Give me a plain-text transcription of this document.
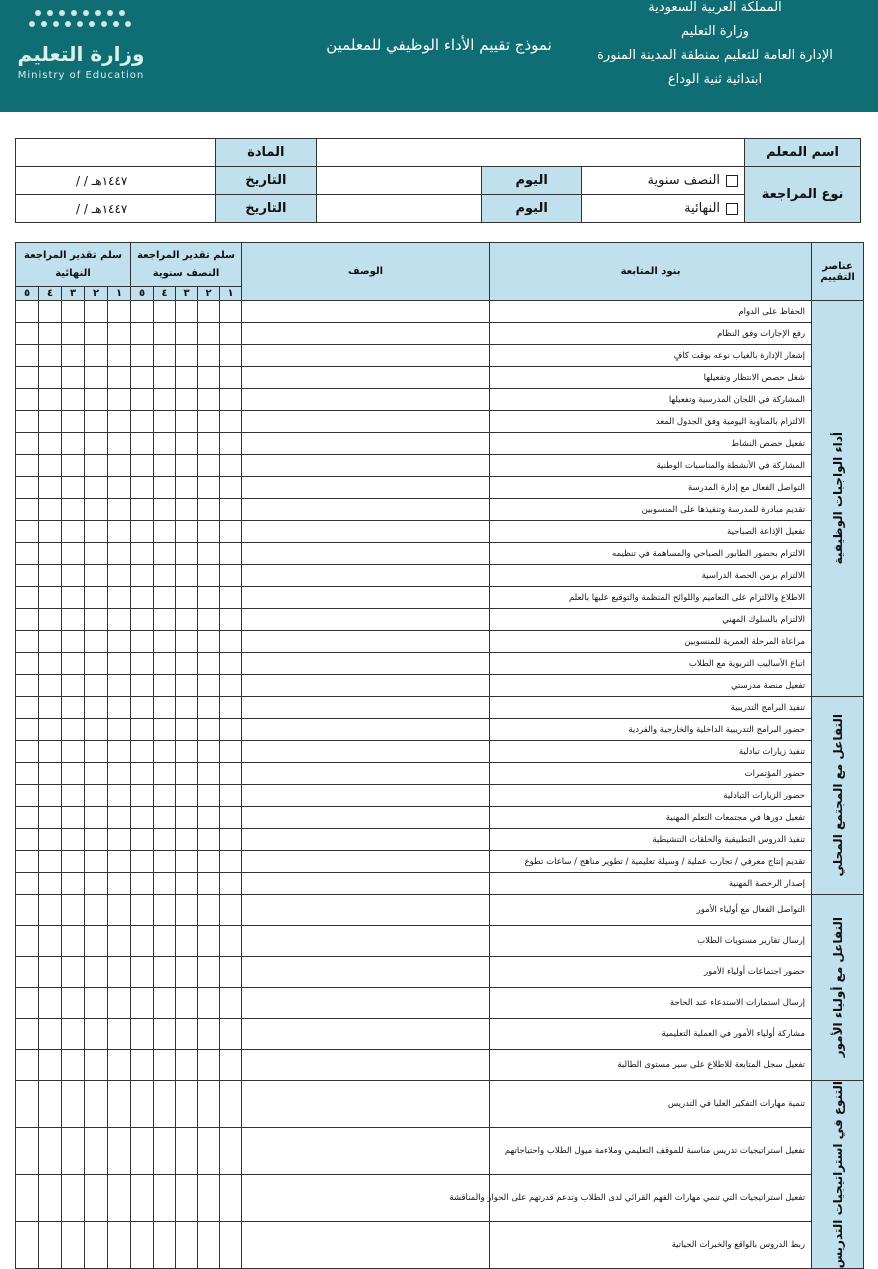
وزارة التعليم
Ministry of Education
نموذج تقييم الأداء الوظيفي للمعلمين
المملكة العربية السعودية
وزارة التعليم
الإدارة العامة للتعليم بمنطقة المدينة المنورة
ابتدائية ثنية الوداع
اسم المعلم				المادة	
نوع المراجعة	النصف سنوية	اليوم		التاريخ	/ / ١٤٤٧هـ
	النهائية	اليوم		التاريخ	/ / ١٤٤٧هـ
عناصر التقييم	بنود المتابعة	الوصف	سلم تقدير المراجعة النصف سنوية					سلم تقدير المراجعة النهائية				
			١	٢	٣	٤	٥	١	٢	٣	٤	٥

أداء الواجبات الوظيفية	الحفاظ على الدوام											
	رفع الإجازات وفق النظام											
	إشعار الإدارة بالغياب نوعه بوقت كافٍ											
	شغل حصص الانتظار وتفعيلها											
	المشاركة في اللجان المدرسية وتفعيلها											
	الالتزام بالمناوبة اليومية وفق الجدول المعد											
	تفعيل حصص النشاط											
	المشاركة في الأنشطة والمناسبات الوطنية											
	التواصل الفعال مع إدارة المدرسة											
	تقديم مبادرة للمدرسة وتنفيذها على المنسوبين											
	تفعيل الإذاعة الصباحية											
	الالتزام بحضور الطابور الصباحي والمساهمة في تنظيمه											
	الالتزام بزمن الحصة الدراسية											
	الاطلاع والالتزام على التعاميم واللوائح المنظمة والتوقيع عليها بالعلم											
	الالتزام بالسلوك المهني											
	مراعاة المرحلة العمرية للمنسوبين											
	اتباع الأساليب التربوية مع الطلاب											
	تفعيل منصة مدرستي											

التفاعل مع المجتمع المحلي	تنفيذ البرامج التدريبية											
	حضور البرامج التدريبية الداخلية والخارجية والفردية											
	تنفيذ زيارات تبادلية											
	حضور المؤتمرات											
	حضور الزيارات التبادلية											
	تفعيل دورها في مجتمعات التعلم المهنية											
	تنفيذ الدروس التطبيقية والحلقات التنشيطية											
	تقديم إنتاج معرفي / تجارب عملية / وسيلة تعليمية / تطوير مناهج / ساعات تطوع											
	إصدار الرخصة المهنية											

التفاعل مع أولياء الأمور	التواصل الفعال مع أولياء الأمور											
	إرسال تقارير مستويات الطلاب											
	حضور اجتماعات أولياء الأمور											
	إرسال استمارات الاستدعاء عند الحاجة											
	مشاركة أولياء الأمور في العملية التعليمية											
	تفعيل سجل المتابعة للاطلاع على سير مستوى الطالبة											

التنوع في استراتيجيات التدريس	تنمية مهارات التفكير العليا في التدريس											
	تفعيل استراتيجيات تدريس مناسبة للموقف التعليمي وملاءمة ميول الطلاب واحتياجاتهم											
	تفعيل استراتيجيات التي تنمي مهارات الفهم القرائي لدى الطلاب وتدعم قدرتهم على الحوار والمناقشة											
	ربط الدروس بالواقع والخبرات الحياتية											
